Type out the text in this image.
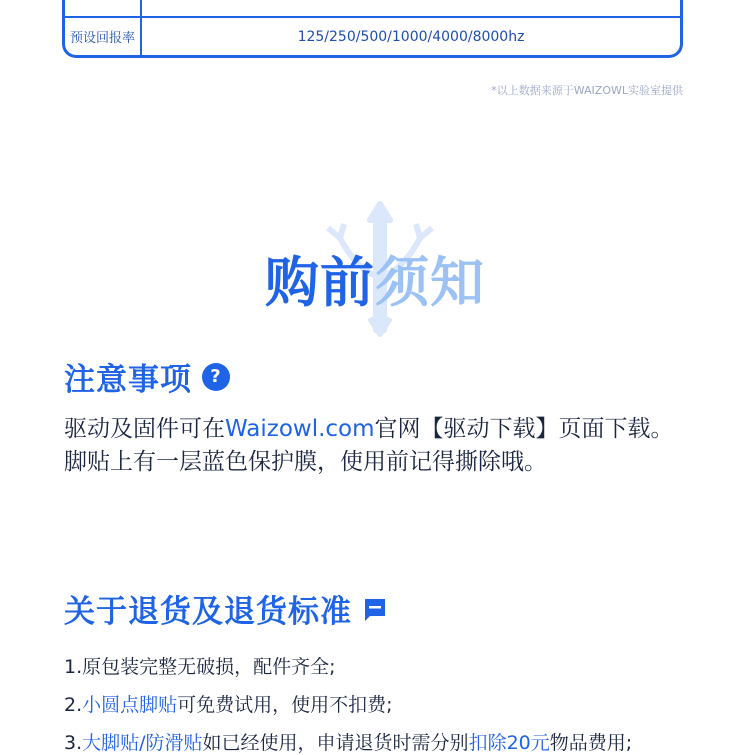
预设回报率	125/250/500/1000/4000/8000hz
*以上数据来源于WAIZOWL实验室提供
购前须知
注意事项	?
驱动及固件可在Waizowl.com官网【驱动下载】页面下载。
脚贴上有一层蓝色保护膜，使用前记得撕除哦。
关于退货及退货标准
1.原包装完整无破损，配件齐全;
2.小圆点脚贴可免费试用，使用不扣费;
3.大脚贴/防滑贴如已经使用，申请退货时需分别扣除20元物品费用;
